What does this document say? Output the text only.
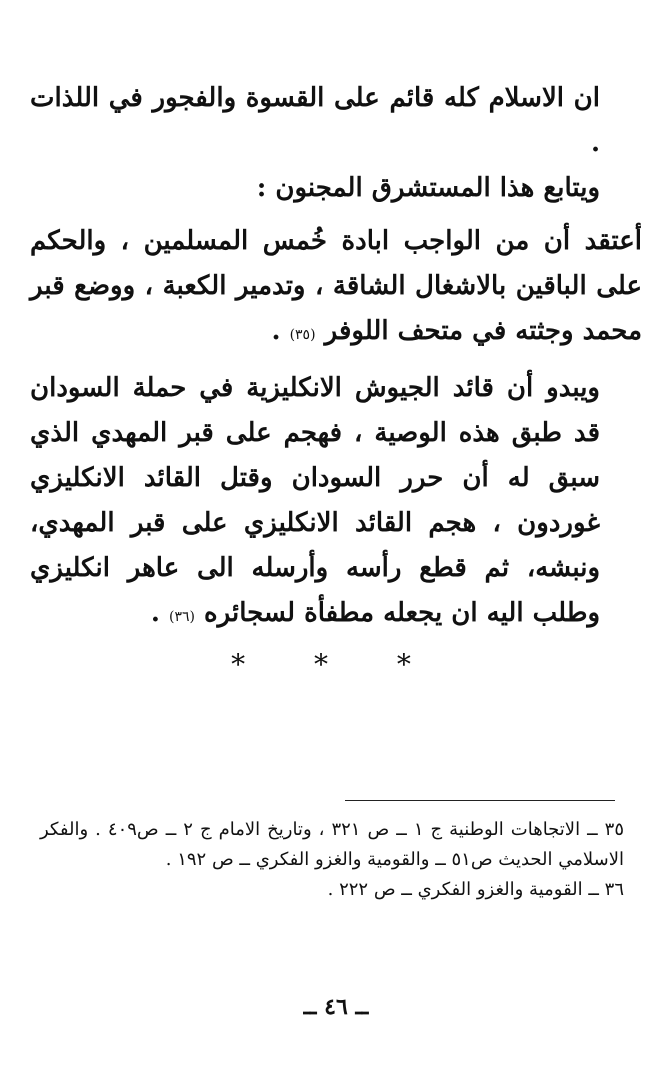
ان الاسلام كله قائم على القسوة والفجور في اللذات .

ويتابع هذا المستشرق المجنون :

أعتقد أن من الواجب ابادة خُمس المسلمين ، والحكم على الباقين بالاشغال الشاقة ، وتدمير الكعبة ، ووضع قبر محمد وجثته في متحف اللوفر (٣٥) .

ويبدو أن قائد الجيوش الانكليزية في حملة السودان قد طبق هذه الوصية ، فهجم على قبر المهدي الذي سبق له أن حرر السودان وقتل القائد الانكليزي غوردون ، هجم القائد الانكليزي على قبر المهدي، ونبشه، ثم قطع رأسه وأرسله الى عاهر انكليزي وطلب اليه ان يجعله مطفأة لسجائره (٣٦) .

* * *

٣٥ ــ الاتجاهات الوطنية ج ١ ــ ص ٣٢١ ، وتاريخ الامام ج ٢ ــ ص٤٠٩ . والفكر الاسلامي الحديث ص٥١ ــ والقومية والغزو الفكري ــ ص ١٩٢ .

٣٦ ــ القومية والغزو الفكري ــ ص ٢٢٢ .

ــ ٤٦ ــ
